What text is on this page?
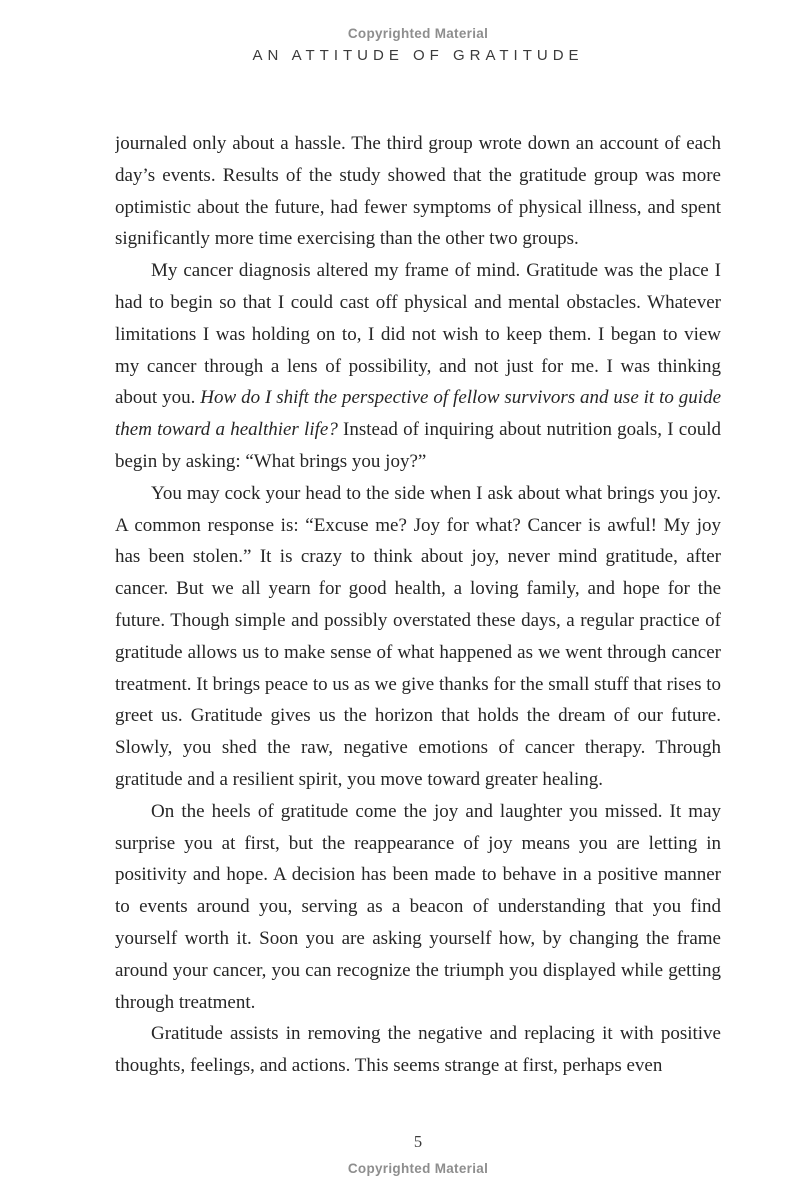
Copyrighted Material
AN ATTITUDE OF GRATITUDE

journaled only about a hassle. The third group wrote down an account of each day’s events. Results of the study showed that the gratitude group was more optimistic about the future, had fewer symptoms of physical illness, and spent significantly more time exercising than the other two groups.

My cancer diagnosis altered my frame of mind. Gratitude was the place I had to begin so that I could cast off physical and mental obstacles. Whatever limitations I was holding on to, I did not wish to keep them. I began to view my cancer through a lens of possibility, and not just for me. I was thinking about you. How do I shift the perspective of fellow survivors and use it to guide them toward a healthier life? Instead of inquiring about nutrition goals, I could begin by asking: “What brings you joy?”

You may cock your head to the side when I ask about what brings you joy. A common response is: “Excuse me? Joy for what? Cancer is awful! My joy has been stolen.” It is crazy to think about joy, never mind gratitude, after cancer. But we all yearn for good health, a loving family, and hope for the future. Though simple and possibly overstated these days, a regular practice of gratitude allows us to make sense of what happened as we went through cancer treatment. It brings peace to us as we give thanks for the small stuff that rises to greet us. Gratitude gives us the horizon that holds the dream of our future. Slowly, you shed the raw, negative emotions of cancer therapy. Through gratitude and a resilient spirit, you move toward greater healing.

On the heels of gratitude come the joy and laughter you missed. It may surprise you at first, but the reappearance of joy means you are letting in positivity and hope. A decision has been made to behave in a positive manner to events around you, serving as a beacon of understanding that you find yourself worth it. Soon you are asking yourself how, by changing the frame around your cancer, you can recognize the triumph you displayed while getting through treatment.

Gratitude assists in removing the negative and replacing it with positive thoughts, feelings, and actions. This seems strange at first, perhaps even

5
Copyrighted Material
